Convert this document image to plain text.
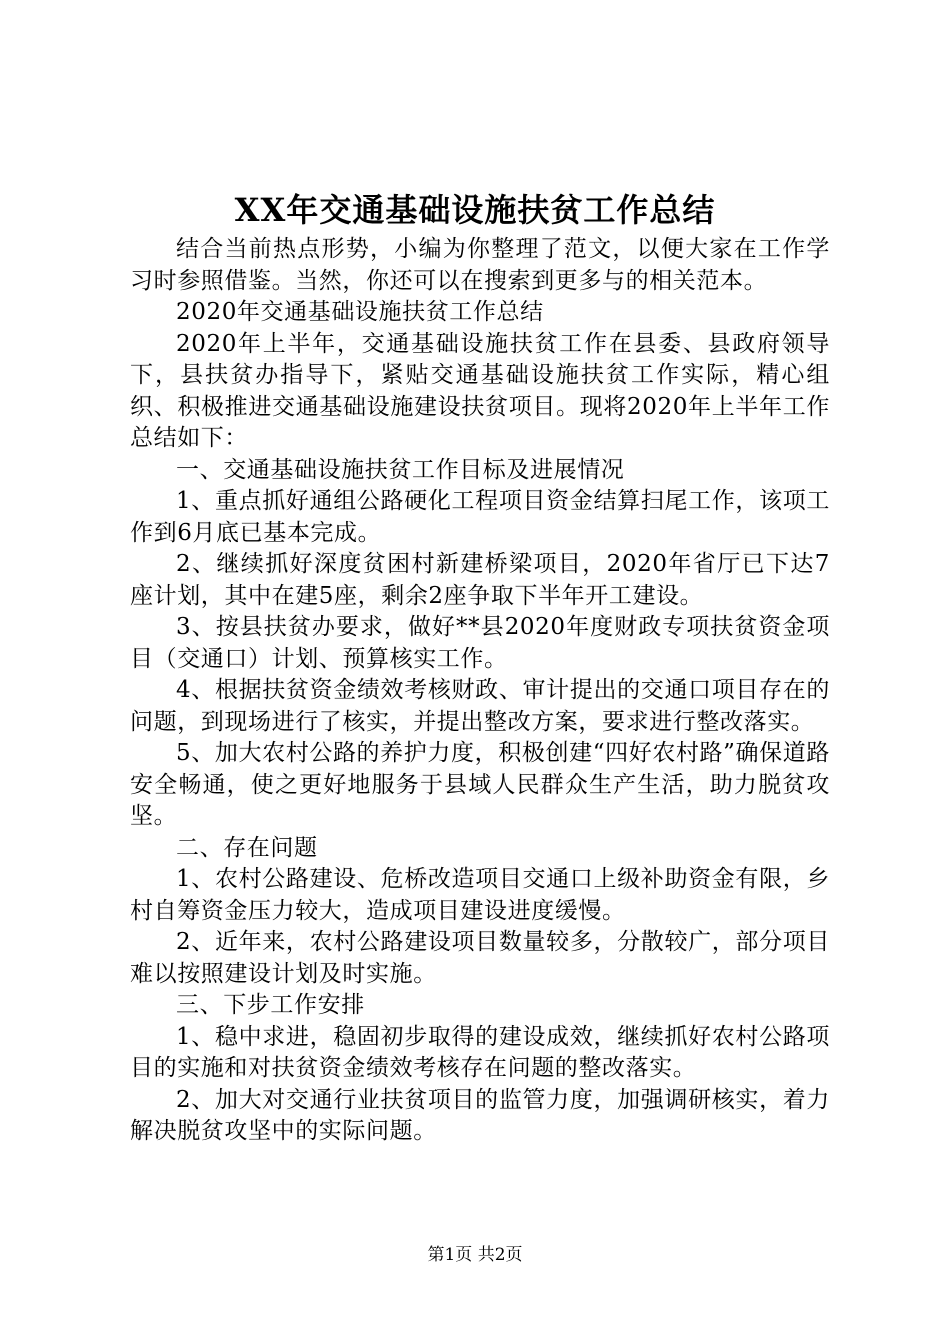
XX年交通基础设施扶贫工作总结

结合当前热点形势，小编为你整理了范文，以便大家在工作学习时参照借鉴。当然，你还可以在搜索到更多与的相关范本。

2020年交通基础设施扶贫工作总结

2020年上半年，交通基础设施扶贫工作在县委、县政府领导下，县扶贫办指导下，紧贴交通基础设施扶贫工作实际，精心组织、积极推进交通基础设施建设扶贫项目。现将2020年上半年工作总结如下：

一、交通基础设施扶贫工作目标及进展情况

1、重点抓好通组公路硬化工程项目资金结算扫尾工作，该项工作到6月底已基本完成。

2、继续抓好深度贫困村新建桥梁项目，2020年省厅已下达7座计划，其中在建5座，剩余2座争取下半年开工建设。

3、按县扶贫办要求，做好**县2020年度财政专项扶贫资金项目（交通口）计划、预算核实工作。

4、根据扶贫资金绩效考核财政、审计提出的交通口项目存在的问题，到现场进行了核实，并提出整改方案，要求进行整改落实。

5、加大农村公路的养护力度，积极创建“四好农村路”确保道路安全畅通，使之更好地服务于县域人民群众生产生活，助力脱贫攻坚。

二、存在问题

1、农村公路建设、危桥改造项目交通口上级补助资金有限，乡村自筹资金压力较大，造成项目建设进度缓慢。

2、近年来，农村公路建设项目数量较多，分散较广，部分项目难以按照建设计划及时实施。

三、下步工作安排

1、稳中求进，稳固初步取得的建设成效，继续抓好农村公路项目的实施和对扶贫资金绩效考核存在问题的整改落实。

2、加大对交通行业扶贫项目的监管力度，加强调研核实，着力解决脱贫攻坚中的实际问题。

第1页 共2页
